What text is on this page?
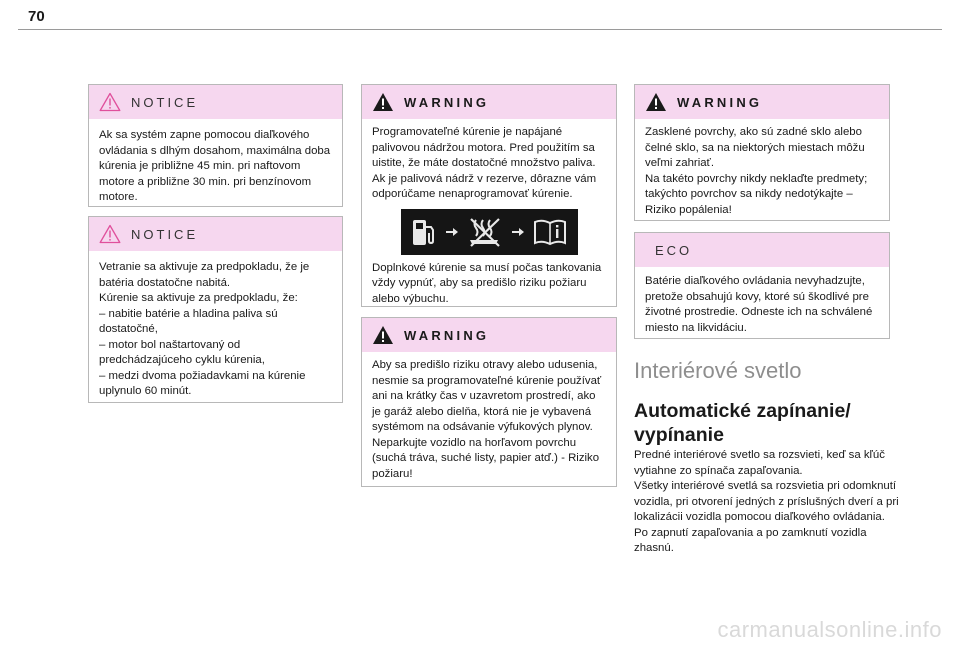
70
NOTICE

Ak sa systém zapne pomocou diaľkového ovládania s dlhým dosahom, maximálna doba kúrenia je približne 45 min. pri naftovom motore a približne 30 min. pri benzínovom motore.

NOTICE

Vetranie sa aktivuje za predpokladu, že je batéria dostatočne nabitá.

Kúrenie sa aktivuje za predpokladu, že:

– nabitie batérie a hladina paliva sú dostatočné,

– motor bol naštartovaný od predchádzajúceho cyklu kúrenia,

– medzi dvoma požiadavkami na kúrenie uplynulo 60 minút.

WARNING

Programovateľné kúrenie je napájané palivovou nádržou motora. Pred použitím sa uistite, že máte dostatočné množstvo paliva. Ak je palivová nádrž v rezerve, dôrazne vám odporúčame nenaprogramovať kúrenie.

Doplnkové kúrenie sa musí počas tankovania vždy vypnúť, aby sa predišlo riziku požiaru alebo výbuchu.

WARNING

Aby sa predišlo riziku otravy alebo udusenia, nesmie sa programovateľné kúrenie používať ani na krátky čas v uzavretom prostredí, ako je garáž alebo dielňa, ktorá nie je vybavená systémom na odsávanie výfukových plynov. Neparkujte vozidlo na horľavom povrchu (suchá tráva, suché listy, papier atď.) - Riziko požiaru!

WARNING

Zasklené povrchy, ako sú zadné sklo alebo čelné sklo, sa na niektorých miestach môžu veľmi zahriať.

Na takéto povrchy nikdy neklaďte predmety; takýchto povrchov sa nikdy nedotýkajte – Riziko popálenia!

ECO

Batérie diaľkového ovládania nevyhadzujte, pretože obsahujú kovy, ktoré sú škodlivé pre životné prostredie. Odneste ich na schválené miesto na likvidáciu.

Interiérové svetlo
Automatické zapínanie/ vypínanie
Predné interiérové svetlo sa rozsvieti, keď sa kľúč vytiahne zo spínača zapaľovania.
Všetky interiérové svetlá sa rozsvietia pri odomknutí vozidla, pri otvorení jedných z príslušných dverí a pri lokalizácii vozidla pomocou diaľkového ovládania.
Po zapnutí zapaľovania a po zamknutí vozidla zhasnú.
carmanualsonline.info
